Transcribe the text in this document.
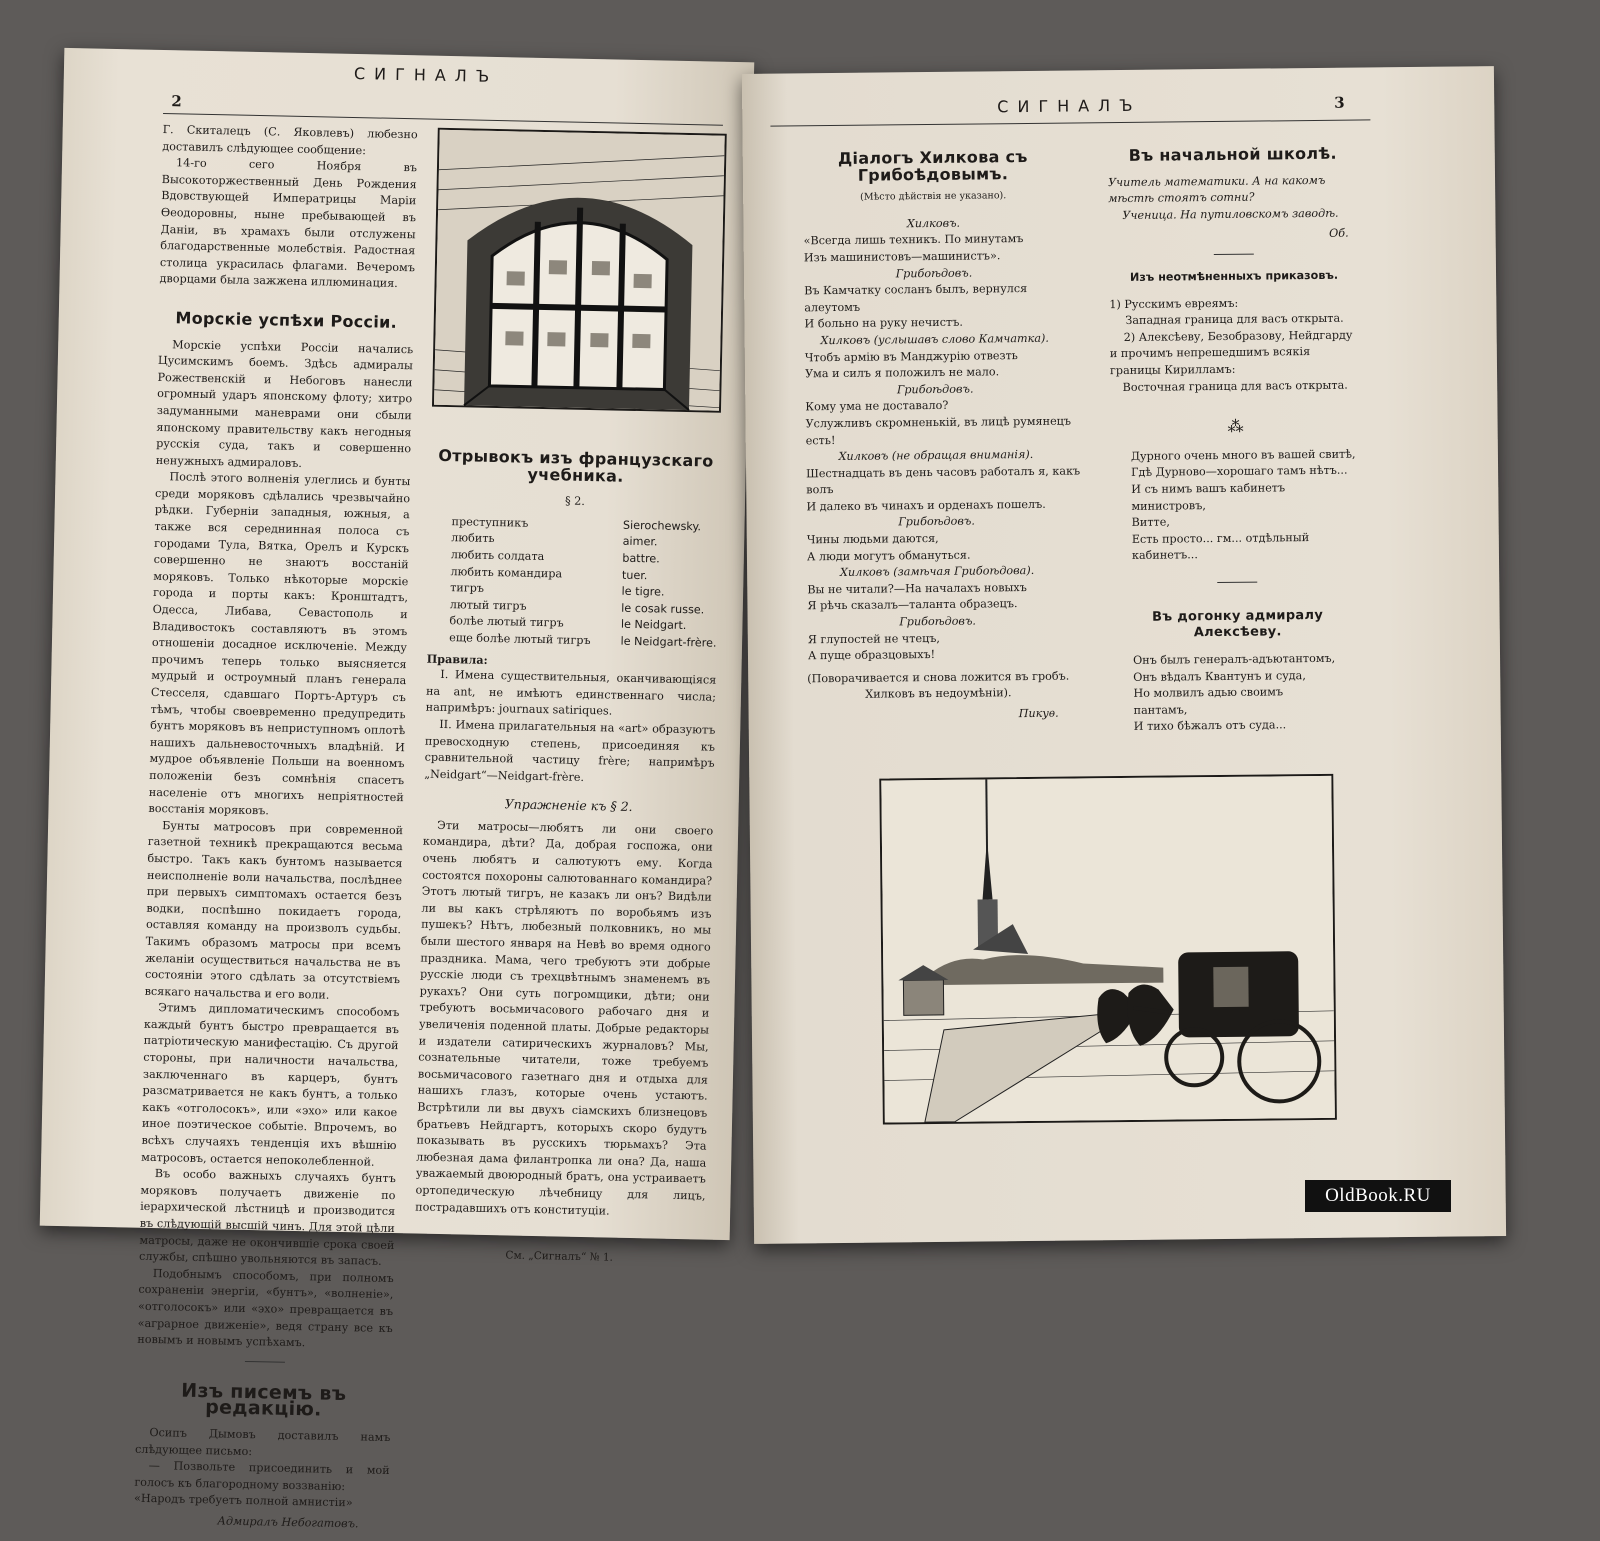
СИГНАЛЪ
2

Г. Скиталецъ (С. Яковлевъ) любезно доставилъ слѣдующее сообщение:

14-го сего Ноября въ Высокоторжественный День Рождения Вдовствующей Императрицы Марiи Ѳеодоровны, ныне пребывающей въ Данiи, въ храмахъ были отслужены благодарственные молебствiя. Радостная столица украсилась флагами. Вечеромъ дворцами была зажжена иллюминация.

Морскiе успѣхи Россiи.

Морскiе успѣхи Россiи начались Цусимскимъ боемъ. Здѣсь адмиралы Рожественскiй и Небоговъ нанесли огромный ударъ японскому флоту; хитро задуманными маневрами они сбыли японскому правительству какъ негодныя русскiя суда, такъ и совершенно ненужныхъ адмираловъ.

Послѣ этого волненiя улеглись и бунты среди моряковъ сдѣлались чрезвычайно рѣдки. Губернiи западныя, южныя, а также вся середнинная полоса съ городами Тула, Вятка, Орелъ и Курскъ совершенно не знаютъ восстанiй моряковъ. Только нѣкоторые морскiе города и порты какъ: Кронштадтъ, Одесса, Либава, Севастополь и Владивостокъ составляютъ въ этомъ отношенiи досадное исключенiе. Между прочимъ теперь только выясняется мудрый и остроумный планъ генерала Стесселя, сдавшаго Портъ-Артуръ съ тѣмъ, чтобы своевременно предупредить бунтъ моряковъ въ неприступномъ оплотѣ нашихъ дальневосточныхъ владѣнiй. И мудрое объявленiе Польши на военномъ положенiи безъ сомнѣнiя спасетъ населенiе отъ многихъ непрiятностей восстанiя моряковъ.

Бунты матросовъ при современной газетной техникѣ прекращаются весьма быстро. Такъ какъ бунтомъ называется неисполненiе воли начальства, послѣднее при первыхъ симптомахъ остается безъ водки, поспѣшно покидаетъ города, оставляя команду на произволъ судьбы. Такимъ образомъ матросы при всемъ желанiи осуществиться начальства не въ состоянiи этого сдѣлать за отсутствiемъ всякаго начальства и его воли.

Этимъ дипломатическимъ способомъ каждый бунтъ быстро превращается въ патрiотическую манифестацiю. Съ другой стороны, при наличности начальства, заключеннаго въ карцеръ, бунтъ разсматривается не какъ бунтъ, а только какъ «отголосокъ», или «эхо» или какое иное поэтическое событiе. Впрочемъ, во всѣхъ случаяхъ тенденцiя ихъ вѣшнiю матросовъ, остается непоколебленной.

Въ особо важныхъ случаяхъ бунтъ моряковъ получаетъ движенiе по iерархической лѣстницѣ и производится въ слѣдующiй высшiй чинъ. Для этой цѣли матросы, даже не окончившiе срока своей службы, спѣшно увольняются въ запасъ.

Подобнымъ способомъ, при полномъ сохраненiи энергiи, «бунтъ», «волненiе», «отголосокъ» или «эхо» превращается въ «аграрное движенiе», ведя страну все къ новымъ и новымъ успѣхамъ.

Изъ писемъ въ редакцiю.

Осипъ Дымовъ доставилъ намъ слѣдующее письмо:

— Позвольте присоединить и мой голосъ къ благородному воззванiю:

«Народъ требуетъ полной амнистiи»

Адмиралъ Небогатовъ.
Отрывокъ изъ французскаго учебника.
§ 2.
преступникъ	Sierochewsky.
любить	aimer.
любить солдата	battre.
любить командира	tuer.
тигръ	le tigre.
лютый тигръ	le cosak russe.
болѣе лютый тигръ	le Neidgart.
еще болѣе лютый тигръ	le Neidgart-frère.

Правила:

I. Имена существительныя, оканчивающiяся на ant, не имѣютъ единственнаго числа; напримѣръ: journaux satiriques.

II. Имена прилагательныя на «art» образуютъ превосходную степень, присоединяя къ сравнительной частицу frère; напримѣръ „Neidgart“—Neidgart-frère.

Упражненiе къ § 2.

Эти матросы—любятъ ли они своего командира, дѣти? Да, добрая госпожа, они очень любятъ и салютуютъ ему. Когда состоятся похороны салютованнаго командира? Этотъ лютый тигръ, не казакъ ли онъ? Видѣли ли вы какъ стрѣляютъ по воробьямъ изъ пушекъ? Нѣтъ, любезный полковникъ, но мы были шестого января на Невѣ во время одного праздника. Мама, чего требуютъ эти добрые русскiе люди съ трехцвѣтнымъ знаменемъ въ рукахъ? Они суть погромщики, дѣти; они требуютъ восьмичасового рабочаго дня и увеличенiя поденной платы. Добрые редакторы и издатели сатирическихъ журналовъ? Мы, сознательные читатели, тоже требуемъ восьмичасового газетнаго дня и отдыха для нашихъ глазъ, которые очень устаютъ. Встрѣтили ли вы двухъ сiамскихъ близнецовъ братьевъ Нейдгартъ, которыхъ скоро будутъ показывать въ русскихъ тюрьмахъ? Эта любезная дама филантропка ли она? Да, наша уважаемый двоюродный братъ, она устраиваетъ ортопедическую лѣчебницу для лицъ, пострадавшихъ отъ конституцiи.

См. „Сигналъ“ № 1.
СИГНАЛЪ	3
Дiалогъ Хилкова съ Грибоѣдовымъ.
(Мѣсто дѣйствiя не указано).
Хилковъ.
«Всегда лишь техникъ. По минутамъ
Изъ машинистовъ—машинистъ».
Грибоѣдовъ.
Въ Камчатку сосланъ былъ, вернулся алеутомъ
И больно на руку нечистъ.
Хилковъ (услышавъ слово Камчатка).
Чтобъ армiю въ Манджурiю отвезть
Ума и силъ я положилъ не мало.
Грибоѣдовъ.
Кому ума не доставало?
Услужливъ скромненькiй, въ лицѣ румянецъ есть!
Хилковъ (не обращая вниманiя).
Шестнадцать въ день часовъ работалъ я, какъ волъ
И далеко въ чинахъ и орденахъ пошелъ.
Грибоѣдовъ.
Чины людьми даются,
А люди могутъ обмануться.
Хилковъ (замѣчая Грибоѣдова).
Вы не читали?—На началахъ новыхъ
Я рѣчь сказалъ—таланта образецъ.
Грибоѣдовъ.
Я глупостей не чтецъ,
А пуще образцовыхъ!

(Поворачивается и снова ложится въ гробъ. Хилковъ въ недоумѣнiи).

Пикуѳ.
Въ начальной школѣ.

Учитель математики. А на какомъ мѣстѣ стоятъ сотни?

Ученица. На путиловскомъ заводѣ.

Об.
Изъ неотмѣненныхъ приказовъ.

1) Русскимъ евреямъ:

Западная граница для васъ открыта.

2) Алексѣеву, Безобразову, Нейдгарду и прочимъ непрешедшимъ всякiя границы Кирилламъ:

Восточная граница для васъ открыта.

⁂
Дурного очень много въ вашей свитѣ,
Гдѣ Дурново—хорошаго тамъ нѣтъ...
И съ нимъ вашъ кабинетъ министровъ,
Витте,
Есть просто... гм... отдѣльный кабинетъ...
Въ догонку адмиралу Алексѣеву.
Онъ былъ генералъ-адъютантомъ,
Онъ вѣдалъ Квантунъ и суда,
Но молвилъ адью своимъ
пантамъ,
И тихо бѣжалъ отъ суда...
OldBook.RU
